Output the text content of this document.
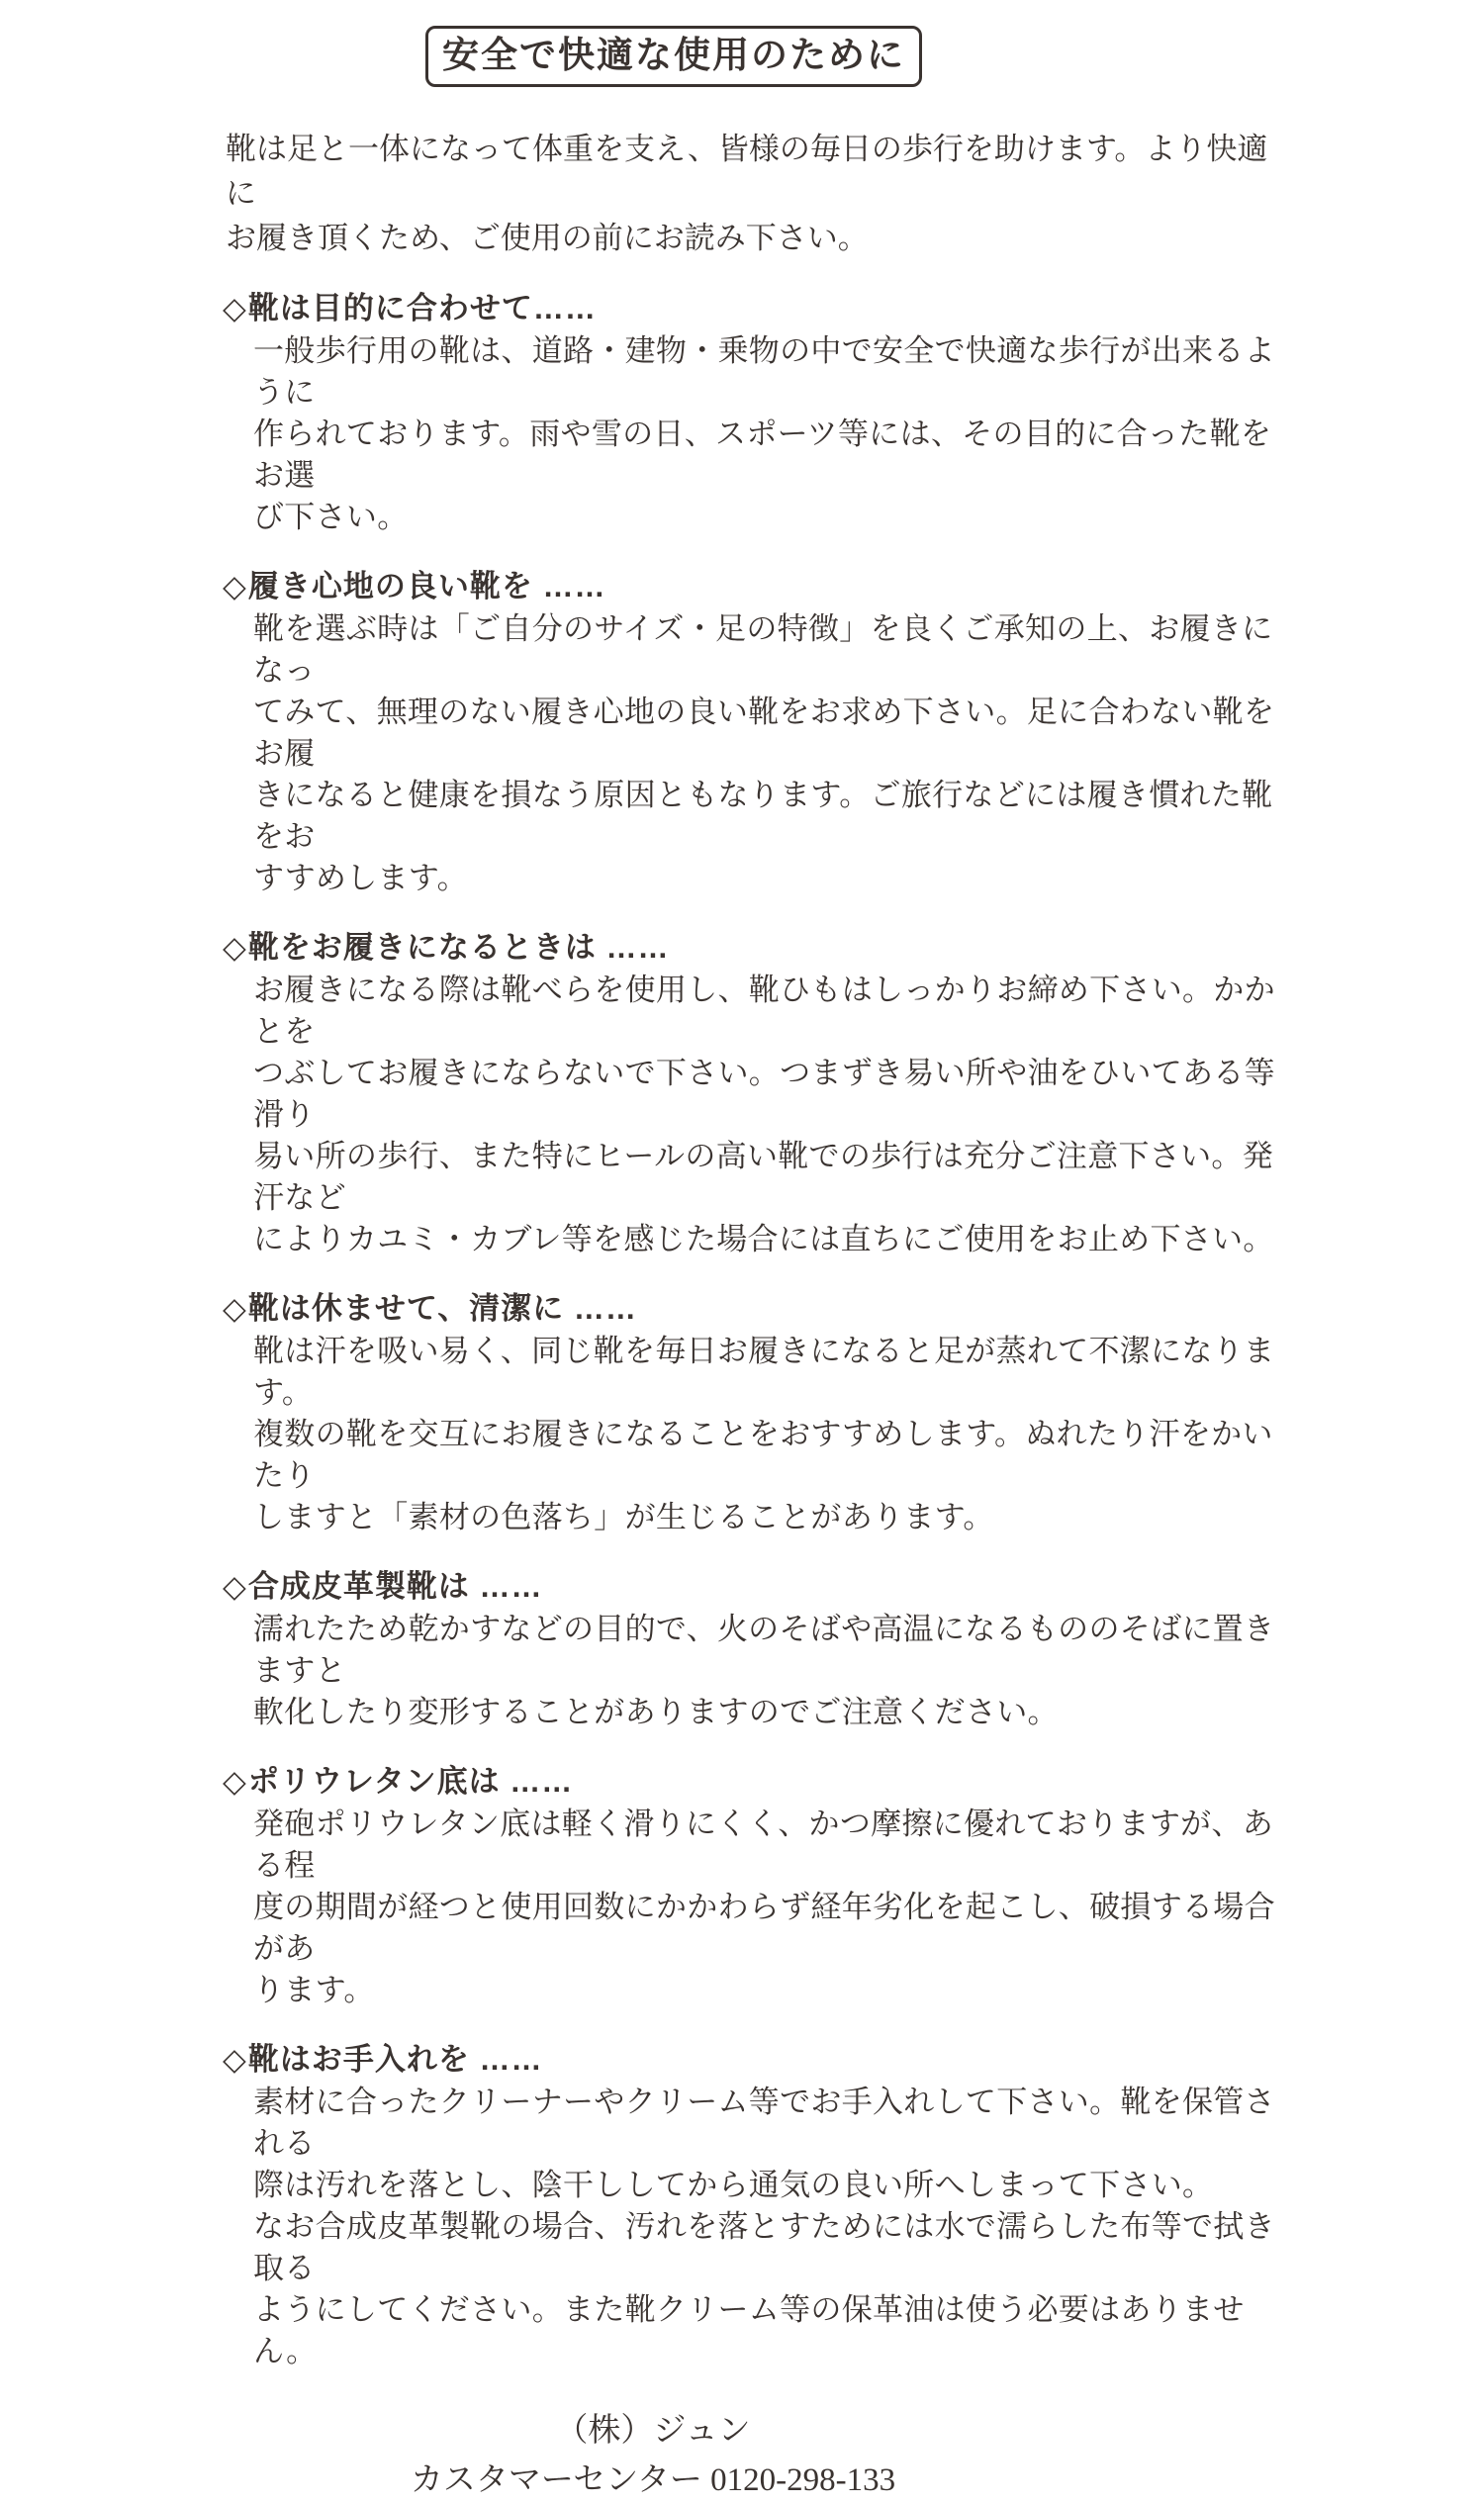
安全で快適な使用のために

靴は足と一体になって体重を支え、皆様の毎日の歩行を助けます。より快適に
お履き頂くため、ご使用の前にお読み下さい。

◇靴は目的に合わせて……
一般歩行用の靴は、道路・建物・乗物の中で安全で快適な歩行が出来るように
作られております。雨や雪の日、スポーツ等には、その目的に合った靴をお選
び下さい。
◇履き心地の良い靴を ……
靴を選ぶ時は「ご自分のサイズ・足の特徴」を良くご承知の上、お履きになっ
てみて、無理のない履き心地の良い靴をお求め下さい。足に合わない靴をお履
きになると健康を損なう原因ともなります。ご旅行などには履き慣れた靴をお
すすめします。
◇靴をお履きになるときは ……
お履きになる際は靴べらを使用し、靴ひもはしっかりお締め下さい。かかとを
つぶしてお履きにならないで下さい。つまずき易い所や油をひいてある等滑り
易い所の歩行、また特にヒールの高い靴での歩行は充分ご注意下さい。発汗など
によりカユミ・カブレ等を感じた場合には直ちにご使用をお止め下さい。
◇靴は休ませて、清潔に ……
靴は汗を吸い易く、同じ靴を毎日お履きになると足が蒸れて不潔になります。
複数の靴を交互にお履きになることをおすすめします。ぬれたり汗をかいたり
しますと「素材の色落ち」が生じることがあります。
◇合成皮革製靴は ……
濡れたため乾かすなどの目的で、火のそばや高温になるもののそばに置きますと
軟化したり変形することがありますのでご注意ください。
◇ポリウレタン底は ……
発砲ポリウレタン底は軽く滑りにくく、かつ摩擦に優れておりますが、ある程
度の期間が経つと使用回数にかかわらず経年劣化を起こし、破損する場合があ
ります。
◇靴はお手入れを ……
素材に合ったクリーナーやクリーム等でお手入れして下さい。靴を保管される
際は汚れを落とし、陰干ししてから通気の良い所へしまって下さい。
なお合成皮革製靴の場合、汚れを落とすためには水で濡らした布等で拭き取る
ようにしてください。また靴クリーム等の保革油は使う必要はありません。
（株）ジュン
カスタマーセンター 0120-298-133
